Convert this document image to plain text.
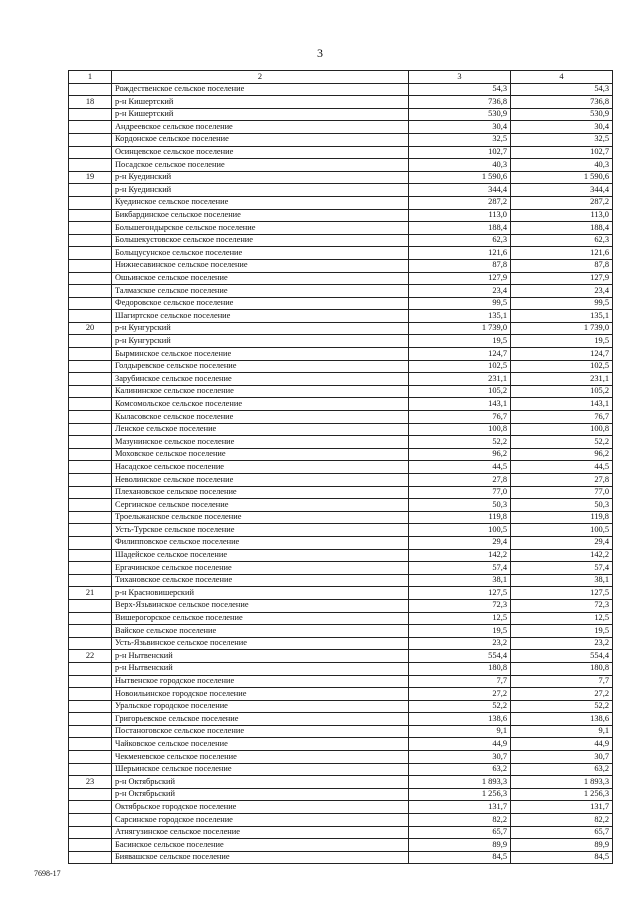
3
1	2	3	4
	Рождественское сельское поселение	54,3	54,3
18	р-н Кишертский	736,8	736,8
	р-н Кишертский	530,9	530,9
	Андреевское сельское поселение	30,4	30,4
	Кордонское сельское поселение	32,5	32,5
	Осинцевское сельское поселение	102,7	102,7
	Посадское сельское поселение	40,3	40,3
19	р-н Куединский	1 590,6	1 590,6
	р-н Куединский	344,4	344,4
	Куединское сельское поселение	287,2	287,2
	Бикбардинское сельское поселение	113,0	113,0
	Большегондырское сельское поселение	188,4	188,4
	Большекустовское сельское поселение	62,3	62,3
	Больщусунское сельское поселение	121,6	121,6
	Нижнесавинское сельское поселение	87,8	87,8
	Ошьинское сельское поселение	127,9	127,9
	Талмазское сельское поселение	23,4	23,4
	Федоровское сельское поселение	99,5	99,5
	Шагиртское сельское поселение	135,1	135,1
20	р-н Кунгурский	1 739,0	1 739,0
	р-н Кунгурский	19,5	19,5
	Бырминское сельское поселение	124,7	124,7
	Голдыревское сельское поселение	102,5	102,5
	Зарубинское сельское поселение	231,1	231,1
	Калининское сельское поселение	105,2	105,2
	Комсомольское сельское поселение	143,1	143,1
	Кыласовское сельское поселение	76,7	76,7
	Ленское сельское поселение	100,8	100,8
	Мазунинское сельское поселение	52,2	52,2
	Моховское сельское поселение	96,2	96,2
	Насадское сельское поселение	44,5	44,5
	Неволинское сельское поселение	27,8	27,8
	Плехановское сельское поселение	77,0	77,0
	Сергинское сельское поселение	50,3	50,3
	Троельжанское сельское поселение	119,8	119,8
	Усть-Турское сельское поселение	100,5	100,5
	Филипповское сельское поселение	29,4	29,4
	Шадейское сельское поселение	142,2	142,2
	Ергачинское сельское поселение	57,4	57,4
	Тихановское сельское поселение	38,1	38,1
21	р-н Красновишерский	127,5	127,5
	Верх-Язьвинское сельское поселение	72,3	72,3
	Вишерогорское сельское поселение	12,5	12,5
	Вайское сельское поселение	19,5	19,5
	Усть-Язьвинское сельское поселение	23,2	23,2
22	р-н Нытвенский	554,4	554,4
	р-н Нытвенский	180,8	180,8
	Нытвенское городское поселение	7,7	7,7
	Новоильинское городское поселение	27,2	27,2
	Уральское городское поселение	52,2	52,2
	Григорьевское сельское поселение	138,6	138,6
	Постаноговское сельское поселение	9,1	9,1
	Чайковское сельское поселение	44,9	44,9
	Чекменевское сельское поселение	30,7	30,7
	Шерьинское сельское поселение	63,2	63,2
23	р-н Октябрьский	1 893,3	1 893,3
	р-н Октябрьский	1 256,3	1 256,3
	Октябрьское городское поселение	131,7	131,7
	Сарсинское городское поселение	82,2	82,2
	Атнягузинское сельское поселение	65,7	65,7
	Басинское сельское поселение	89,9	89,9
	Биявашское сельское поселение	84,5	84,5
7698-17
